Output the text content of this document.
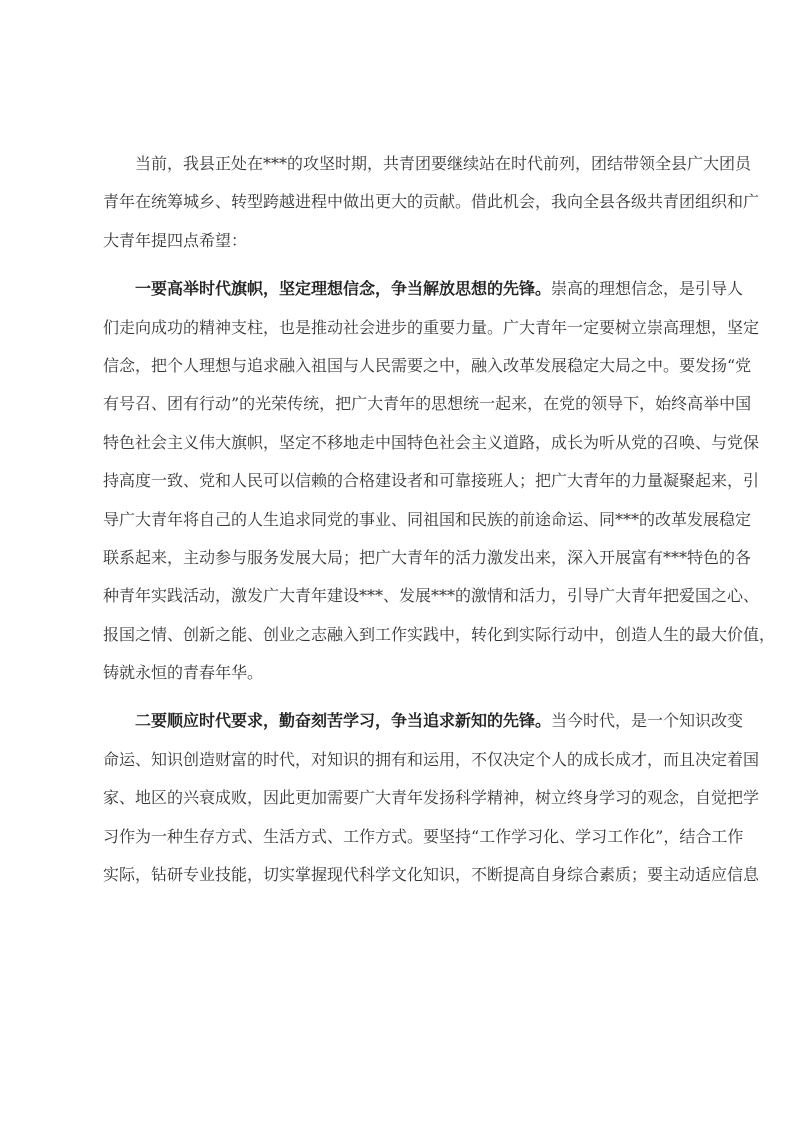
当前，我县正处在***的攻坚时期，共青团要继续站在时代前列，团结带领全县广大团员
青年在统筹城乡、转型跨越进程中做出更大的贡献。借此机会，我向全县各级共青团组织和广
大青年提四点希望：
一要高举时代旗帜，坚定理想信念，争当解放思想的先锋。崇高的理想信念，是引导人
们走向成功的精神支柱，也是推动社会进步的重要力量。广大青年一定要树立崇高理想，坚定
信念，把个人理想与追求融入祖国与人民需要之中，融入改革发展稳定大局之中。要发扬“党
有号召、团有行动”的光荣传统，把广大青年的思想统一起来，在党的领导下，始终高举中国
特色社会主义伟大旗帜，坚定不移地走中国特色社会主义道路，成长为听从党的召唤、与党保
持高度一致、党和人民可以信赖的合格建设者和可靠接班人；把广大青年的力量凝聚起来，引
导广大青年将自己的人生追求同党的事业、同祖国和民族的前途命运、同***的改革发展稳定
联系起来，主动参与服务发展大局；把广大青年的活力激发出来，深入开展富有***特色的各
种青年实践活动，激发广大青年建设***、发展***的激情和活力，引导广大青年把爱国之心、
报国之情、创新之能、创业之志融入到工作实践中，转化到实际行动中，创造人生的最大价值，
铸就永恒的青春年华。
二要顺应时代要求，勤奋刻苦学习，争当追求新知的先锋。当今时代，是一个知识改变
命运、知识创造财富的时代，对知识的拥有和运用，不仅决定个人的成长成才，而且决定着国
家、地区的兴衰成败，因此更加需要广大青年发扬科学精神，树立终身学习的观念，自觉把学
习作为一种生存方式、生活方式、工作方式。要坚持“工作学习化、学习工作化”，结合工作
实际，钻研专业技能，切实掌握现代科学文化知识，不断提高自身综合素质；要主动适应信息
